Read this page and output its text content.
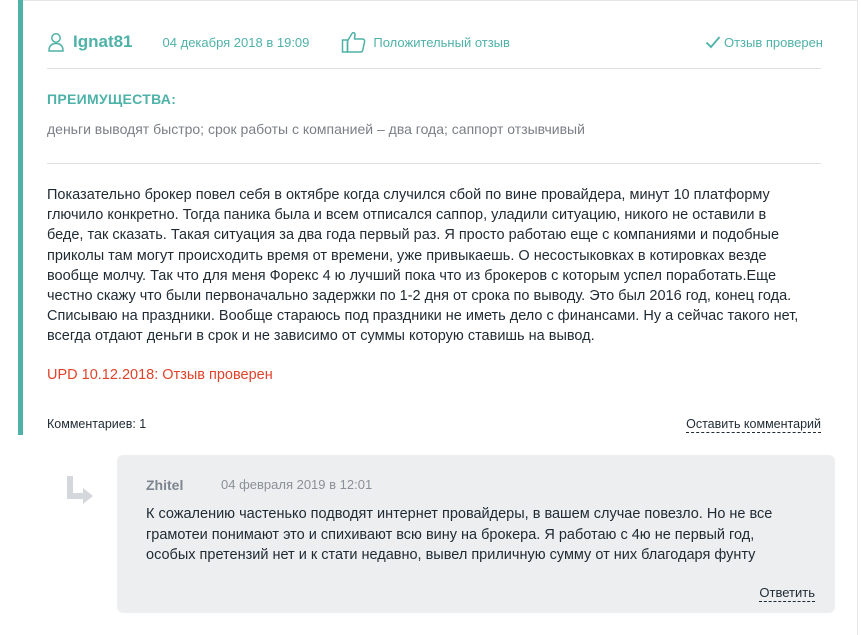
Ignat81 04 декабря 2018 в 19:09	Положительный отзыв	Отзыв проверен
ПРЕИМУЩЕСТВА:
деньги выводят быстро; срок работы с компанией – два года; саппорт отзывчивый
Показательно брокер повел себя в октябре когда случился сбой по вине провайдера, минут 10 платформу
глючило конкретно. Тогда паника была и всем отписался саппор, уладили ситуацию, никого не оставили в
беде, так сказать. Такая ситуация за два года первый раз. Я просто работаю еще с компаниями и подобные
приколы там могут происходить время от времени, уже привыкаешь. О несостыковках в котировках везде
вообще молчу. Так что для меня Форекс 4 ю лучший пока что из брокеров с которым успел поработать.Еще
честно скажу что были первоначально задержки по 1-2 дня от срока по выводу. Это был 2016 год, конец года.
Списываю на праздники. Вообще стараюсь под праздники не иметь дело с финансами. Ну а сейчас такого нет,
всегда отдают деньги в срок и не зависимо от суммы которую ставишь на вывод.
UPD 10.12.2018: Отзыв проверен
Комментариев: 1	Оставить комментарий
Zhitel	04 февраля 2019 в 12:01
К сожалению частенько подводят интернет провайдеры, в вашем случае повезло. Но не все
грамотеи понимают это и спихивают всю вину на брокера. Я работаю с 4ю не первый год,
особых претензий нет и к стати недавно, вывел приличную сумму от них благодаря фунту
Ответить
